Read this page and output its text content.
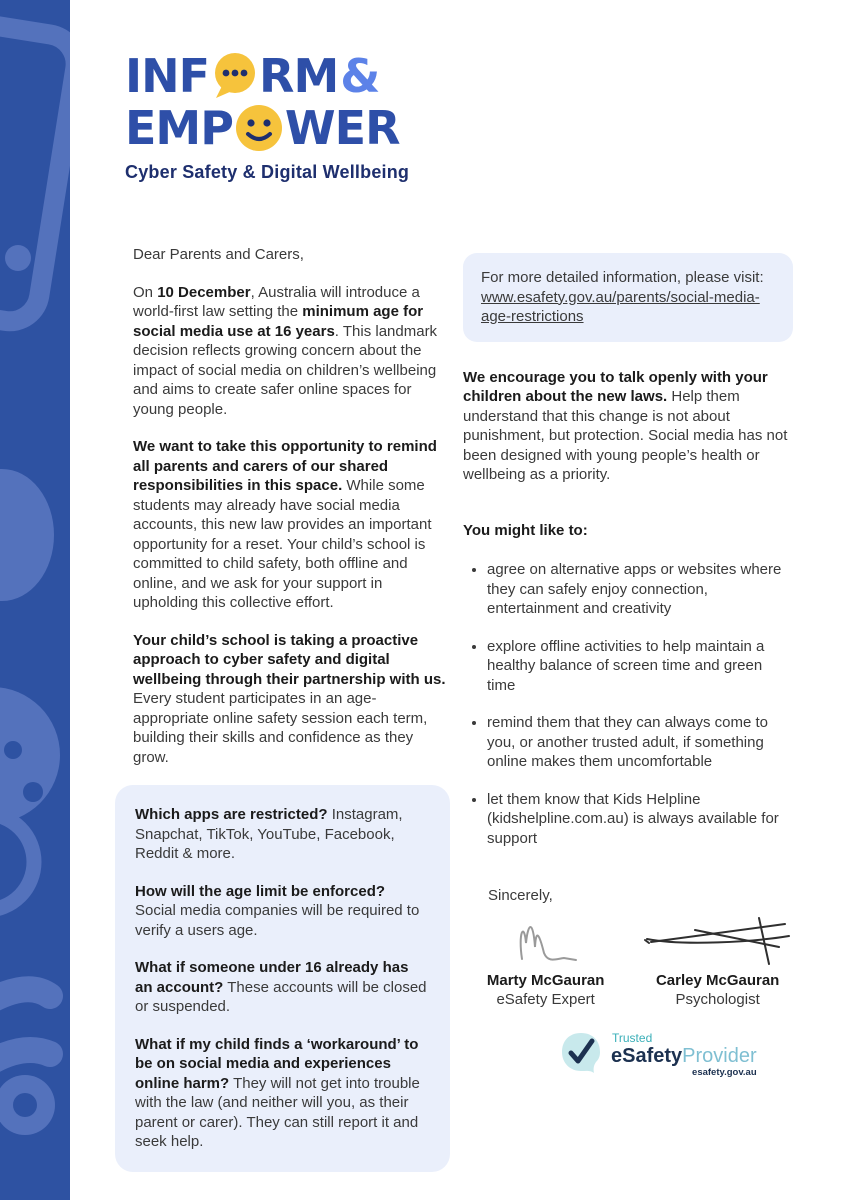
INF RM &
EMP WER
Cyber Safety & Digital Wellbeing

Dear Parents and Carers,

On 10 December, Australia will introduce a world-first law setting the minimum age for social media use at 16 years. This landmark decision reflects growing concern about the impact of social media on children’s wellbeing and aims to create safer online spaces for young people.

We want to take this opportunity to remind all parents and carers of our shared responsibilities in this space. While some students may already have social media accounts, this new law provides an important opportunity for a reset. Your child’s school is committed to child safety, both offline and online, and we ask for your support in upholding this collective effort.

Your child’s school is taking a proactive approach to cyber safety and digital wellbeing through their partnership with us. Every student participates in an age-appropriate online safety session each term, building their skills and confidence as they grow.

Which apps are restricted? Instagram, Snapchat, TikTok, YouTube, Facebook, Reddit & more.

How will the age limit be enforced? Social media companies will be required to verify a users age.

What if someone under 16 already has an account? These accounts will be closed or suspended.

What if my child finds a ‘workaround’ to be on social media and experiences online harm? They will not get into trouble with the law (and neither will you, as their parent or carer). They can still report it and seek help.

For more detailed information, please visit:
www.esafety.gov.au/parents/social-media-age-restrictions

We encourage you to talk openly with your children about the new laws. Help them understand that this change is not about punishment, but protection. Social media has not been designed with young people’s health or wellbeing as a priority.

You might like to:

• agree on alternative apps or websites where they can safely enjoy connection, entertainment and creativity
• explore offline activities to help maintain a healthy balance of screen time and green time
• remind them that they can always come to you, or another trusted adult, if something online makes them uncomfortable
• let them know that Kids Helpline (kidshelpline.com.au) is always available for support

Sincerely,

Marty McGauran
eSafety Expert
Carley McGauran
Psychologist
Trusted
eSafetyProvider
esafety.gov.au
